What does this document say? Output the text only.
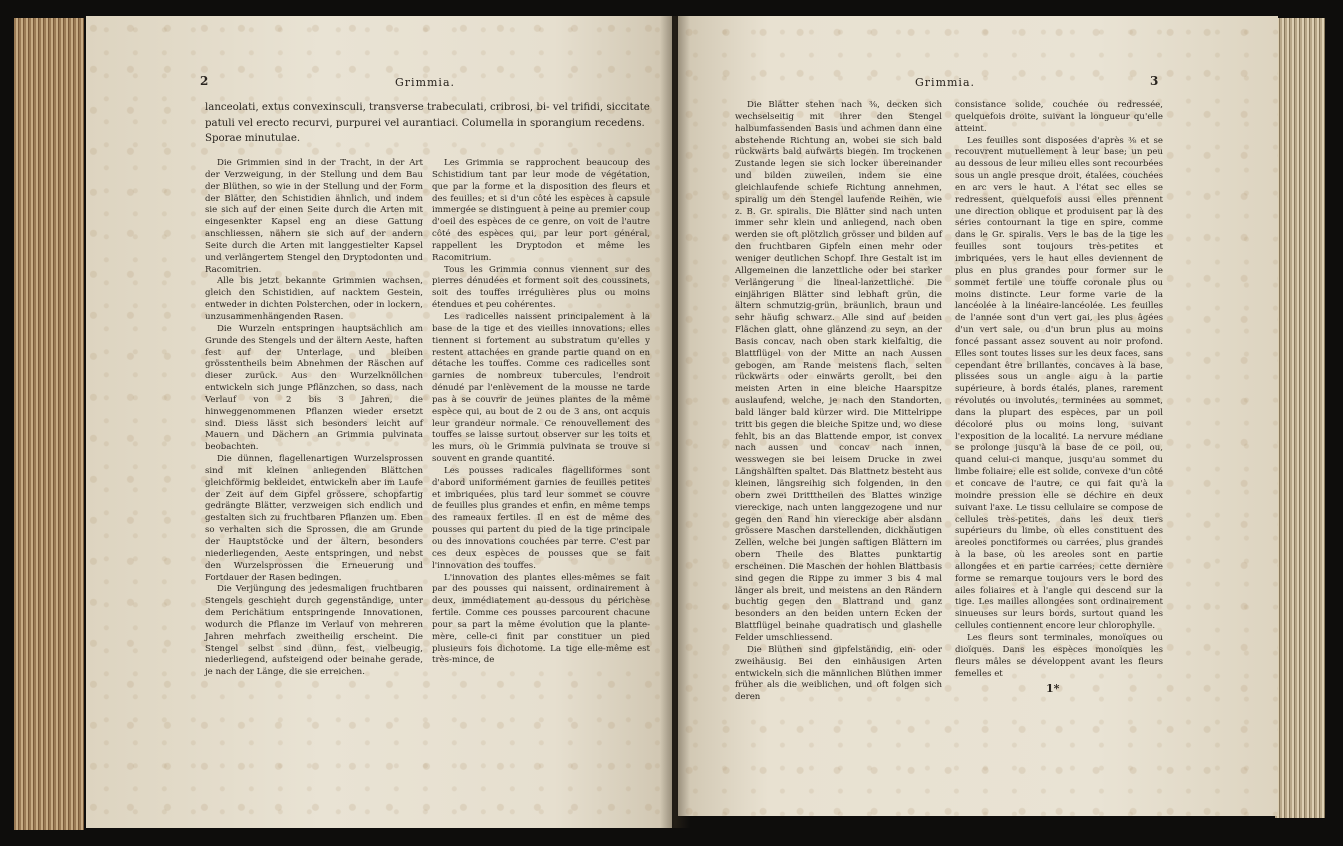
2	Grimmia.

lanceolati, extus convexinsculi, transverse trabeculati, cribrosi, bi- vel trifidi, siccitate patuli vel erecto recurvi, purpurei vel aurantiaci. Columella in sporangium recedens. Sporae minutulae.

Die Grimmien sind in der Tracht, in der Art der Verzweigung, in der Stellung und dem Bau der Blüthen, so wie in der Stellung und der Form der Blätter, den Schistidien ähnlich, und indem sie sich auf der einen Seite durch die Arten mit eingesenkter Kapsel eng an diese Gattung anschliessen, nähern sie sich auf der andern Seite durch die Arten mit langgestielter Kapsel und verlängertem Stengel den Dryptodonten und Racomitrien.

Alle bis jetzt bekannte Grimmien wachsen, gleich den Schistidien, auf nacktem Gestein, entweder in dichten Polsterchen, oder in lockern, unzusammenhängenden Rasen.

Die Wurzeln entspringen hauptsächlich am Grunde des Stengels und der ältern Aeste, haften fest auf der Unterlage, und bleiben grösstentheils beim Abnehmen der Räschen auf dieser zurück. Aus den Wurzelknöllchen entwickeln sich junge Pflänzchen, so dass, nach Verlauf von 2 bis 3 Jahren, die hinweggenommenen Pflanzen wieder ersetzt sind. Diess lässt sich besonders leicht auf Mauern und Dächern an Grimmia pulvinata beobachten.

Die dünnen, flagellenartigen Wurzelsprossen sind mit kleinen anliegenden Blättchen gleichförmig bekleidet, entwickeln aber im Laufe der Zeit auf dem Gipfel grössere, schopfartig gedrängte Blätter, verzweigen sich endlich und gestalten sich zu fruchtbaren Pflanzen um. Eben so verhalten sich die Sprossen, die am Grunde der Hauptstöcke und der ältern, besonders niederliegenden, Aeste entspringen, und nebst den Wurzelsprossen die Erneuerung und Fortdauer der Rasen bedingen.

Die Verjüngung des jedesmaligen fruchtbaren Stengels geschieht durch gegenständige, unter dem Perichätium entspringende Innovationen, wodurch die Pflanze im Verlauf von mehreren Jahren mehrfach zweitheilig erscheint. Die Stengel selbst sind dünn, fest, vielbeugig, niederliegend, aufsteigend oder beinahe gerade, je nach der Länge, die sie erreichen.

Les Grimmia se rapprochent beaucoup des Schistidium tant par leur mode de végétation, que par la forme et la disposition des fleurs et des feuilles; et si d'un côté les espèces à capsule immergée se distinguent à peine au premier coup d'oeil des espèces de ce genre, on voit de l'autre côté des espèces qui, par leur port général, rappellent les Dryptodon et même les Racomitrium.

Tous les Grimmia connus viennent sur des pierres dénudées et forment soit des coussinets, soit des touffes irrégulières plus ou moins étendues et peu cohérentes.

Les radicelles naissent principalement à la base de la tige et des vieilles innovations; elles tiennent si fortement au substratum qu'elles y restent attachées en grande partie quand on en détache les touffes. Comme ces radicelles sont garnies de nombreux tubercules, l'endroit dénudé par l'enlèvement de la mousse ne tarde pas à se couvrir de jeunes plantes de la même espèce qui, au bout de 2 ou de 3 ans, ont acquis leur grandeur normale. Ce renouvellement des touffes se laisse surtout observer sur les toits et les murs, où le Grimmia pulvinata se trouve si souvent en grande quantité.

Les pousses radicales flagelliformes sont d'abord uniformément garnies de feuilles petites et imbriquées, plus tard leur sommet se couvre de feuilles plus grandes et enfin, en même temps des rameaux fertiles. Il en est de même des pousses qui partent du pied de la tige principale ou des innovations couchées par terre. C'est par ces deux espèces de pousses que se fait l'innovation des touffes.

L'innovation des plantes elles-mêmes se fait par des pousses qui naissent, ordinairement à deux, immédiatement au-dessous du périchèse fertile. Comme ces pousses parcourent chacune pour sa part la même évolution que la plante-mère, celle-ci finit par constituer un pied plusieurs fois dichotome. La tige elle-même est très-mince, de

Grimmia.	3

Die Blätter stehen nach ⅜, decken sich wechselseitig mit ihrer den Stengel halbumfassenden Basis und achmen dann eine abstehende Richtung an, wobei sie sich bald rückwärts bald aufwärts biegen. Im trockenen Zustande legen sie sich locker übereinander und bilden zuweilen, indem sie eine gleichlaufende schiefe Richtung annehmen, spiralig um den Stengel laufende Reihen, wie z. B. Gr. spiralis. Die Blätter sind nach unten immer sehr klein und anliegend, nach oben werden sie oft plötzlich grösser und bilden auf den fruchtbaren Gipfeln einen mehr oder weniger deutlichen Schopf. Ihre Gestalt ist im Allgemeinen die lanzettliche oder bei starker Verlängerung die lineal-lanzettliche. Die einjährigen Blätter sind lebhaft grün, die ältern schmutzig-grün, bräunlich, braun und sehr häufig schwarz. Alle sind auf beiden Flächen glatt, ohne glänzend zu seyn, an der Basis concav, nach oben stark kielfaltig, die Blattflügel von der Mitte an nach Aussen gebogen, am Rande meistens flach, selten rückwärts oder einwärts gerollt, bei den meisten Arten in eine bleiche Haarspitze auslaufend, welche, je nach den Standorten, bald länger bald kürzer wird. Die Mittelrippe tritt bis gegen die bleiche Spitze und, wo diese fehlt, bis an das Blattende empor, ist convex nach aussen und concav nach innen, wesswegen sie bei leisem Drucke in zwei Längshälften spaltet. Das Blattnetz besteht aus kleinen, längsreihig sich folgenden, in den obern zwei Dritttheilen des Blattes winzige viereckige, nach unten langgezogene und nur gegen den Rand hin viereckige aber alsdann grössere Maschen darstellenden, dickhäutigen Zellen, welche bei jungen saftigen Blättern im obern Theile des Blattes punktartig erscheinen. Die Maschen der hohlen Blattbasis sind gegen die Rippe zu immer 3 bis 4 mal länger als breit, und meistens an den Rändern buchtig gegen den Blattrand und ganz besonders an den beiden untern Ecken der Blattflügel beinahe quadratisch und glashelle Felder umschliessend.

Die Blüthen sind gipfelständig, ein- oder zweihäusig. Bei den einhäusigen Arten entwickeln sich die männlichen Blüthen immer früher als die weiblichen, und oft folgen sich deren

consistance solide, couchée ou redressée, quelquefois droite, suivant la longueur qu'elle atteint.

Les feuilles sont disposées d'après ⅜ et se recouvrent mutuellement à leur base; un peu au dessous de leur milieu elles sont recourbées sous un angle presque droit, étalées, couchées en arc vers le haut. A l'état sec elles se redressent, quelquefois aussi elles prennent une direction oblique et produisent par là des séries contournant la tige en spire, comme dans le Gr. spiralis. Vers le bas de la tige les feuilles sont toujours très-petites et imbriquées, vers le haut elles deviennent de plus en plus grandes pour former sur le sommet fertile une touffe coronale plus ou moins distincte. Leur forme varie de la lancéolée à la linéaire-lancéolée. Les feuilles de l'année sont d'un vert gai, les plus âgées d'un vert sale, ou d'un brun plus au moins foncé passant assez souvent au noir profond. Elles sont toutes lisses sur les deux faces, sans cependant être brillantes, concaves à la base, plissées sous un angle aigu à la partie supérieure, à bords étalés, planes, rarement révolutés ou involutés, terminées au sommet, dans la plupart des espèces, par un poil décoloré plus ou moins long, suivant l'exposition de la localité. La nervure médiane se prolonge jusqu'à la base de ce poil, ou, quand celui-ci manque, jusqu'au sommet du limbe foliaire; elle est solide, convexe d'un côté et concave de l'autre, ce qui fait qu'à la moindre pression elle se déchire en deux suivant l'axe. Le tissu cellulaire se compose de cellules très-petites, dans les deux tiers supérieurs du limbe, où elles constituent des areoles ponctiformes ou carrées, plus grandes à la base, où les areoles sont en partie allongées et en partie carrées; cette dernière forme se remarque toujours vers le bord des ailes foliaires et à l'angle qui descend sur la tige. Les mailles allongées sont ordinairement sinueuses sur leurs bords, surtout quand les cellules contiennent encore leur chlorophylle.

Les fleurs sont terminales, monoïques ou dioïques. Dans les espèces monoïques les fleurs mâles se développent avant les fleurs femelles et

1*
